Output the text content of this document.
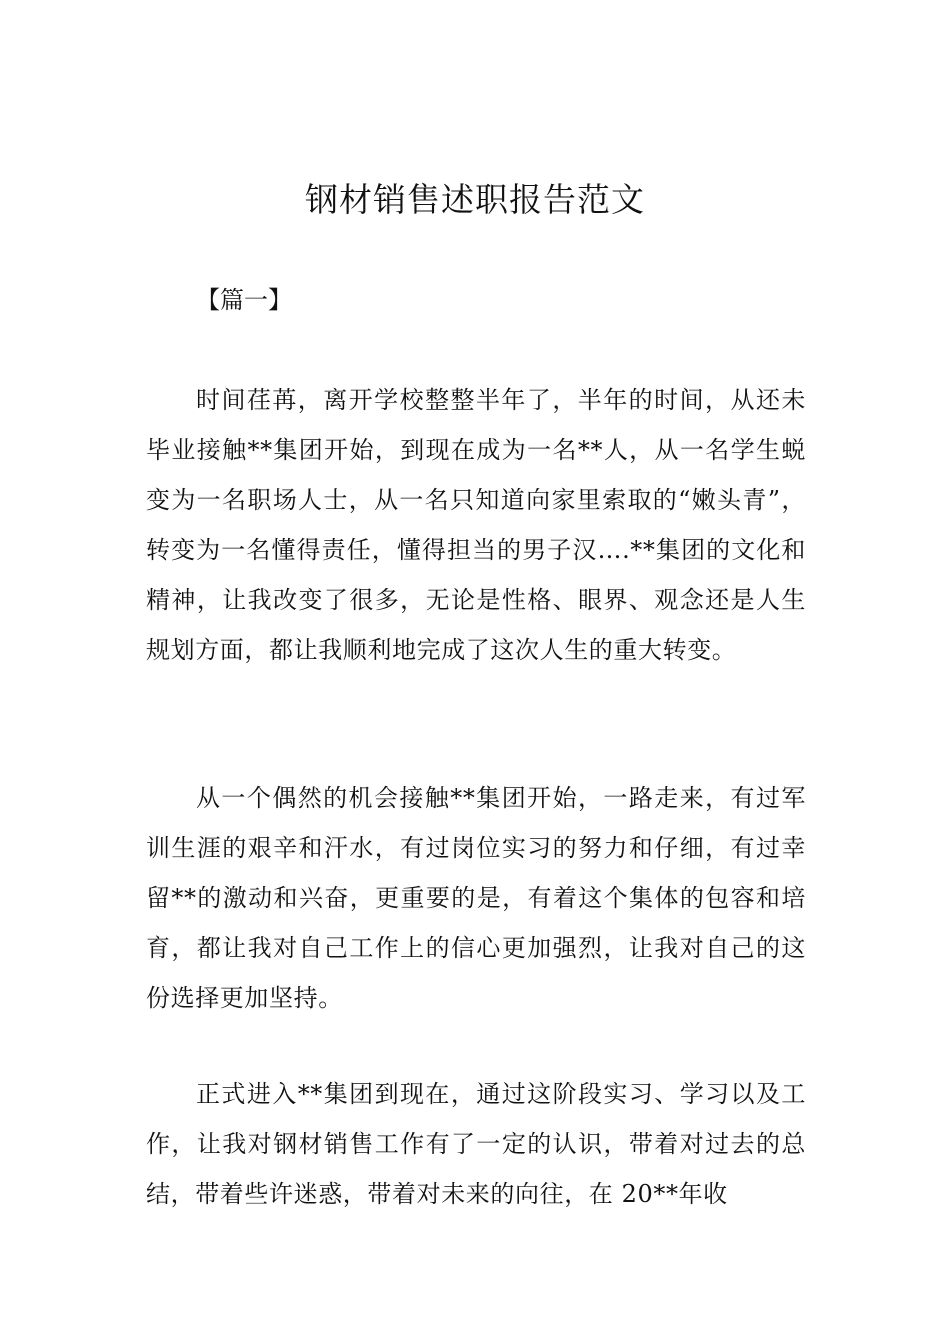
钢材销售述职报告范文

【篇一】

时间荏苒，离开学校整整半年了，半年的时间，从还未毕业接触**集团开始，到现在成为一名**人，从一名学生蜕变为一名职场人士，从一名只知道向家里索取的“嫩头青”，转变为一名懂得责任，懂得担当的男子汉….**集团的文化和精神，让我改变了很多，无论是性格、眼界、观念还是人生规划方面，都让我顺利地完成了这次人生的重大转变。

从一个偶然的机会接触**集团开始，一路走来，有过军训生涯的艰辛和汗水，有过岗位实习的努力和仔细，有过幸留**的激动和兴奋，更重要的是，有着这个集体的包容和培育，都让我对自己工作上的信心更加强烈，让我对自己的这份选择更加坚持。

正式进入**集团到现在，通过这阶段实习、学习以及工作，让我对钢材销售工作有了一定的认识，带着对过去的总结，带着些许迷惑，带着对未来的向往，在 20**年收
